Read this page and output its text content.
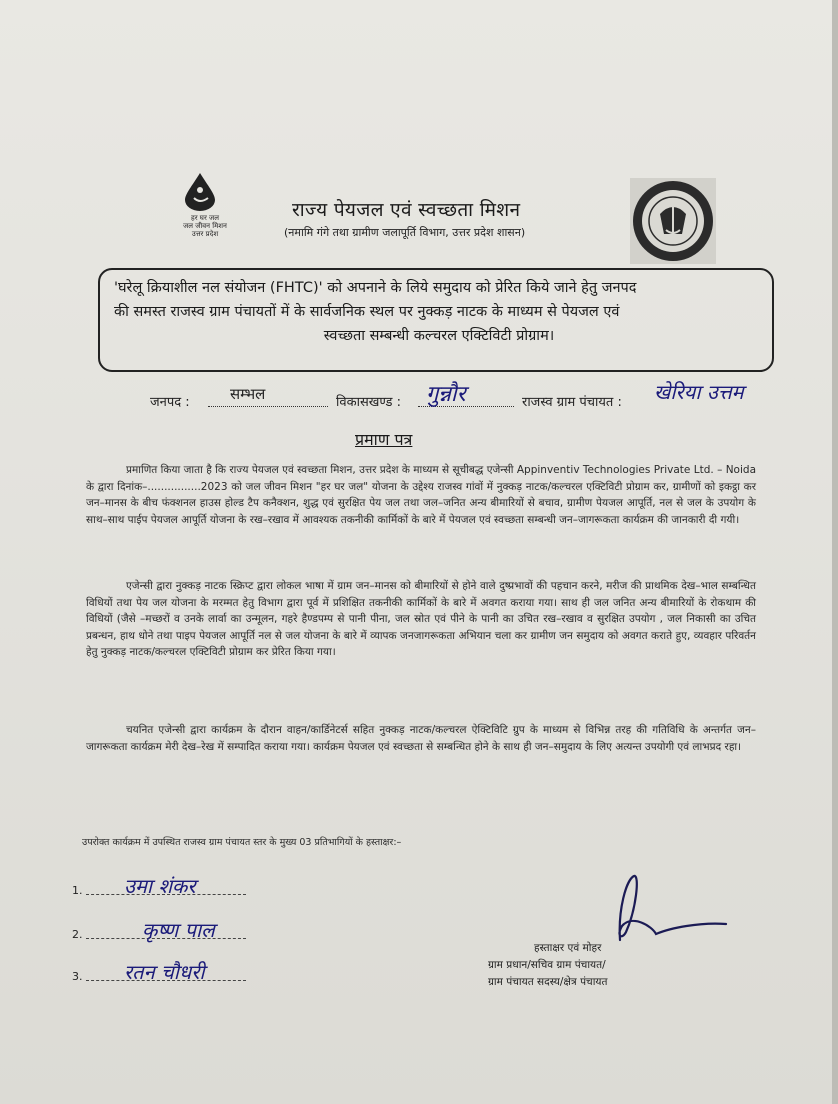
हर घर जल
जल जीवन मिशन
उत्तर प्रदेश
राज्य पेयजल एवं स्वच्छता मिशन
(नमामि गंगे तथा ग्रामीण जलापूर्ति विभाग, उत्तर प्रदेश शासन)
'घरेलू क्रियाशील नल संयोजन (FHTC)' को अपनाने के लिये समुदाय को प्रेरित किये जाने हेतु जनपद
की समस्त राजस्व ग्राम पंचायतों में के सार्वजनिक स्थल पर नुक्कड़ नाटक के माध्यम से पेयजल एवं

स्वच्छता सम्बन्धी कल्चरल एक्टिविटी प्रोग्राम।
जनपद :	सम्भल	विकासखण्ड : गुन्नौर	राजस्व ग्राम पंचायत : खेरिया उत्तम
प्रमाण पत्र
प्रमाणित किया जाता है कि राज्य पेयजल एवं स्वच्छता मिशन, उत्तर प्रदेश के माध्यम से सूचीबद्ध एजेन्सी Appinventiv Technologies Private Ltd. – Noida के द्वारा दिनांक–................2023 को जल जीवन मिशन "हर घर जल" योजना के उद्देश्य राजस्व गांवों में नुक्कड़ नाटक/कल्चरल एक्टिविटी प्रोग्राम कर, ग्रामीणों को इकट्ठा कर जन–मानस के बीच फंक्शनल हाउस होल्ड टैप कनैक्शन, शुद्ध एवं सुरक्षित पेय जल तथा जल–जनित अन्य बीमारियों से बचाव, ग्रामीण पेयजल आपूर्ति, नल से जल के उपयोग के साथ–साथ पाईप पेयजल आपूर्ति योजना के रख–रखाव में आवश्यक तकनीकी कार्मिकों के बारे में पेयजल एवं स्वच्छता सम्बन्धी जन–जागरूकता कार्यक्रम की जानकारी दी गयी।
एजेन्सी द्वारा नुक्कड़ नाटक स्क्रिप्ट द्वारा लोकल भाषा में ग्राम जन–मानस को बीमारियों से होने वाले दुष्प्रभावों की पहचान करने, मरीज की प्राथमिक देख–भाल सम्बन्धित विधियों तथा पेय जल योजना के मरम्मत हेतु विभाग द्वारा पूर्व में प्रशिक्षित तकनीकी कार्मिकों के बारे में अवगत कराया गया। साथ ही जल जनित अन्य बीमारियों के रोकथाम की विधियों (जैसे –मच्छरों व उनके लार्वा का उन्मूलन, गहरे हैण्डपम्प से पानी पीना, जल स्रोत एवं पीने के पानी का उचित रख–रखाव व सुरक्षित उपयोग , जल निकासी का उचित प्रबन्धन, हाथ धोने तथा पाइप पेयजल आपूर्ति नल से जल योजना के बारे में व्यापक जनजागरूकता अभियान चला कर ग्रामीण जन समुदाय को अवगत कराते हुए, व्यवहार परिवर्तन हेतु नुक्कड़ नाटक/कल्चरल एक्टिविटी प्रोग्राम कर प्रेरित किया गया।
चयनित एजेन्सी द्वारा कार्यक्रम के दौरान वाहन/कार्डिनेटर्स सहित नुक्कड़ नाटक/कल्चरल ऐक्टिविटि ग्रुप के माध्यम से विभिन्न तरह की गतिविधि के अन्तर्गत जन–जागरूकता कार्यक्रम मेरी देख–रेख में सम्पादित कराया गया। कार्यक्रम पेयजल एवं स्वच्छता से सम्बन्धित होने के साथ ही जन–समुदाय के लिए अत्यन्त उपयोगी एवं लाभप्रद रहा।
उपरोक्त कार्यक्रम में उपस्थित राजस्व ग्राम पंचायत स्तर के मुख्य 03 प्रतिभागियों के हस्ताक्षर:–
1. उमा शंकर
2.	कृष्ण पाल
3. रतन चौधरी
हस्ताक्षर एवं मोहर
ग्राम प्रधान/सचिव ग्राम पंचायत/
ग्राम पंचायत सदस्य/क्षेत्र पंचायत
